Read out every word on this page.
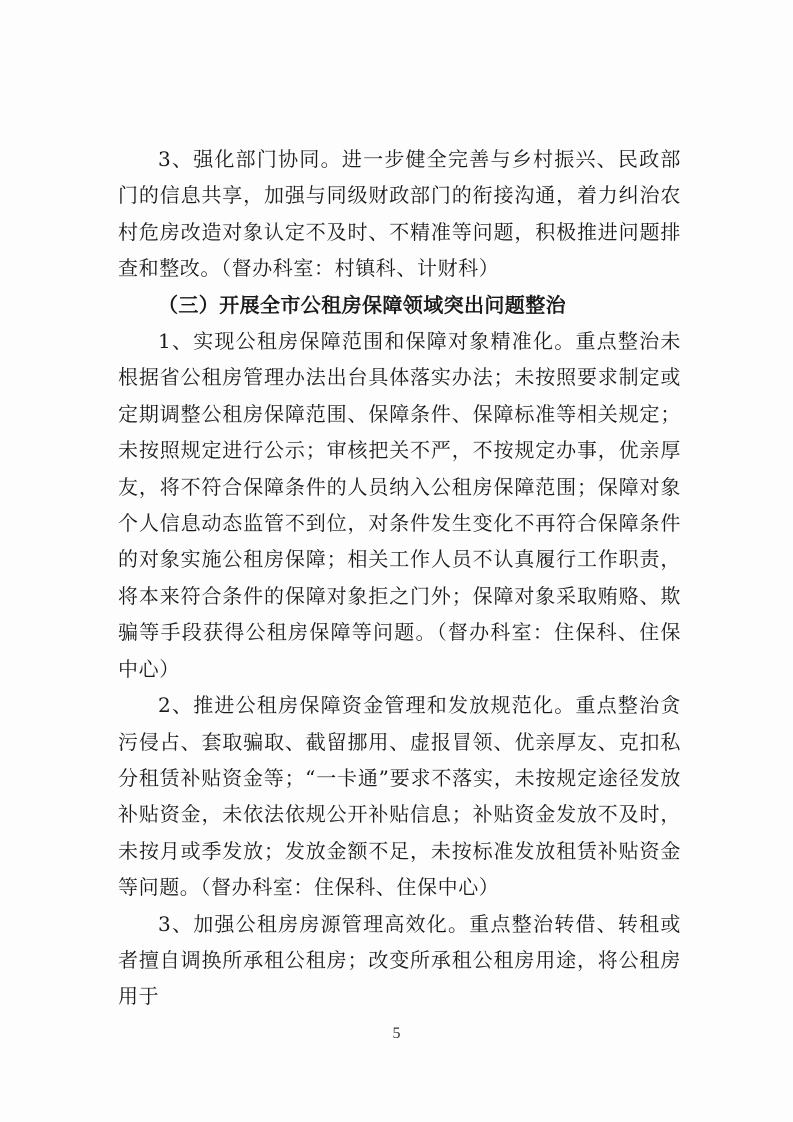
3、强化部门协同。进一步健全完善与乡村振兴、民政部门的信息共享，加强与同级财政部门的衔接沟通，着力纠治农村危房改造对象认定不及时、不精准等问题，积极推进问题排查和整改。（督办科室：村镇科、计财科）

（三）开展全市公租房保障领域突出问题整治

1、实现公租房保障范围和保障对象精准化。重点整治未根据省公租房管理办法出台具体落实办法；未按照要求制定或定期调整公租房保障范围、保障条件、保障标准等相关规定；未按照规定进行公示；审核把关不严，不按规定办事，优亲厚友，将不符合保障条件的人员纳入公租房保障范围；保障对象个人信息动态监管不到位，对条件发生变化不再符合保障条件的对象实施公租房保障；相关工作人员不认真履行工作职责，将本来符合条件的保障对象拒之门外；保障对象采取贿赂、欺骗等手段获得公租房保障等问题。（督办科室：住保科、住保中心）

2、推进公租房保障资金管理和发放规范化。重点整治贪污侵占、套取骗取、截留挪用、虚报冒领、优亲厚友、克扣私分租赁补贴资金等；“一卡通”要求不落实，未按规定途径发放补贴资金，未依法依规公开补贴信息；补贴资金发放不及时，未按月或季发放；发放金额不足，未按标准发放租赁补贴资金等问题。（督办科室：住保科、住保中心）

3、加强公租房房源管理高效化。重点整治转借、转租或者擅自调换所承租公租房；改变所承租公租房用途，将公租房用于

5
